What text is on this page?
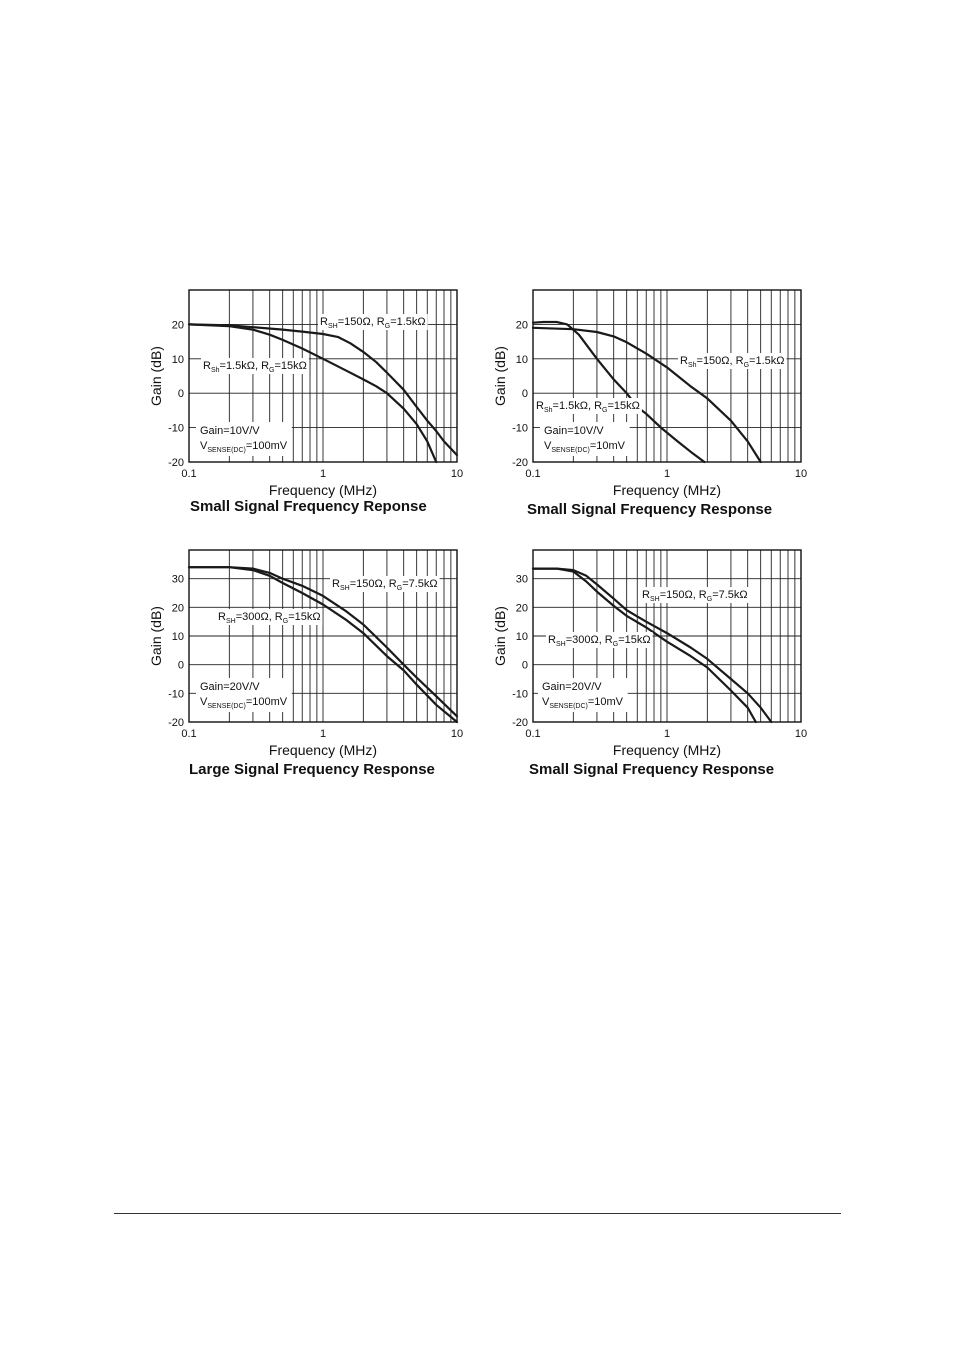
20
10
0
-10
-20
0.1	1	10
Frequency (MHz)
Gain (dB)
$R_{SH}=150\Omega$, $R_G=1.5k\Omega$
$R_{Sh}=1.5k\Omega$, $R_G=15k\Omega$
Gain=10V/V
$V_{SENSE(DC)}=100mV$
Small Signal Frequency Reponse
20
10
0
-10
-20
0.1	1	10
Frequency (MHz)
Gain (dB)	$R_{Sh}=150\Omega$, $R_G=1.5k\Omega$
$R_{Sh}=1.5k\Omega$, $R_G=15k\Omega$
Gain=10V/V
$V_{SENSE(DC)}=10mV$
Small Signal Frequency Response
30
20
10
0
-10
-20
0.1	1	10
Frequency (MHz)
Gain (dB)
$R_{SH}=150\Omega$, $R_G=7.5k\Omega$
$R_{SH}=300\Omega$, $R_G=15k\Omega$
Gain=20V/V
$V_{SENSE(DC)}=100mV$
Large Signal Frequency Response
30
20
10
0
-10
-20
0.1	1	10
Frequency (MHz)
Gain (dB)
$R_{SH}=150\Omega$, $R_G=7.5k\Omega$
$R_{SH}=300\Omega$, $R_G=15k\Omega$
Gain=20V/V
$V_{SENSE(DC)}=10mV$
Small Signal Frequency Response
